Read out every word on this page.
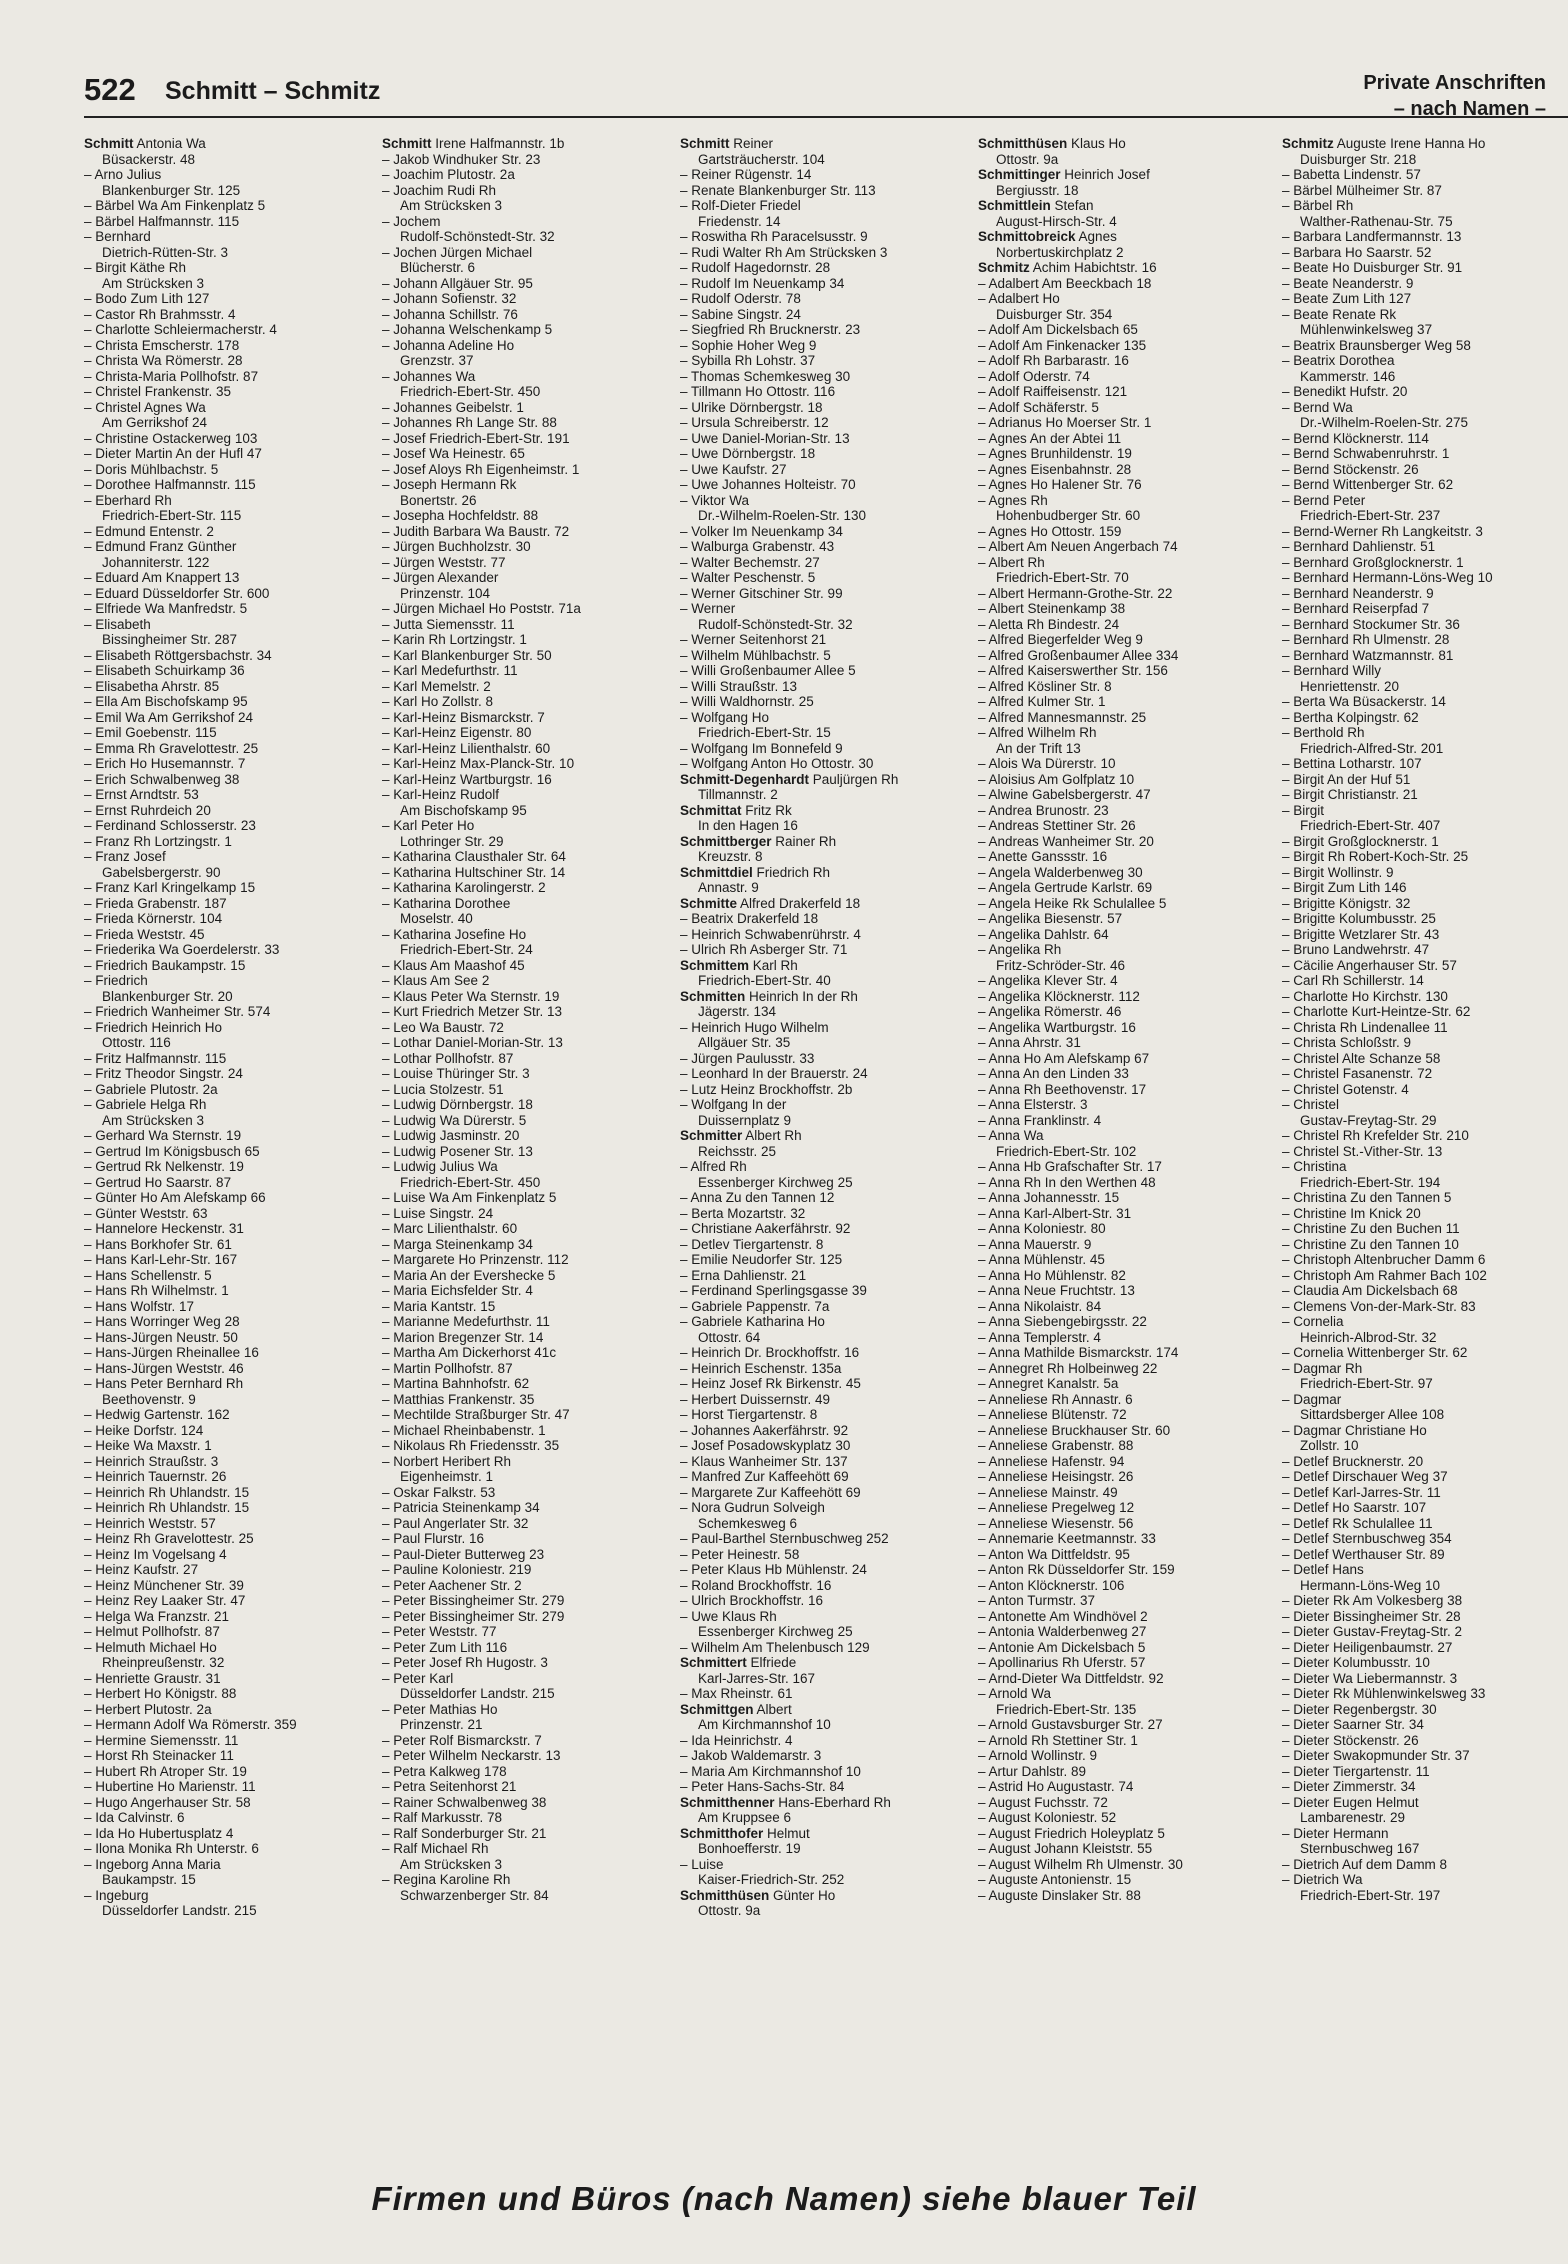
522 Schmitt – Schmitz	Private Anschriften
– nach Namen –
Schmitt Antonia Wa
Büsackerstr. 48
– Arno Julius
Blankenburger Str. 125
– Bärbel Wa Am Finkenplatz 5
– Bärbel Halfmannstr. 115
– Bernhard
Dietrich-Rütten-Str. 3
– Birgit Käthe Rh
Am Strücksken 3
– Bodo Zum Lith 127
– Castor Rh Brahmsstr. 4
– Charlotte Schleiermacherstr. 4
– Christa Emscherstr. 178
– Christa Wa Römerstr. 28
– Christa-Maria Pollhofstr. 87
– Christel Frankenstr. 35
– Christel Agnes Wa
Am Gerrikshof 24
– Christine Ostackerweg 103
– Dieter Martin An der Hufl 47
– Doris Mühlbachstr. 5
– Dorothee Halfmannstr. 115
– Eberhard Rh
Friedrich-Ebert-Str. 115
– Edmund Entenstr. 2
– Edmund Franz Günther
Johanniterstr. 122
– Eduard Am Knappert 13
– Eduard Düsseldorfer Str. 600
– Elfriede Wa Manfredstr. 5
– Elisabeth
Bissingheimer Str. 287
– Elisabeth Röttgersbachstr. 34
– Elisabeth Schuirkamp 36
– Elisabetha Ahrstr. 85
– Ella Am Bischofskamp 95
– Emil Wa Am Gerrikshof 24
– Emil Goebenstr. 115
– Emma Rh Gravelottestr. 25
– Erich Ho Husemannstr. 7
– Erich Schwalbenweg 38
– Ernst Arndtstr. 53
– Ernst Ruhrdeich 20
– Ferdinand Schlosserstr. 23
– Franz Rh Lortzingstr. 1
– Franz Josef
Gabelsbergerstr. 90
– Franz Karl Kringelkamp 15
– Frieda Grabenstr. 187
– Frieda Körnerstr. 104
– Frieda Weststr. 45
– Friederika Wa Goerdelerstr. 33
– Friedrich Baukampstr. 15
– Friedrich
Blankenburger Str. 20
– Friedrich Wanheimer Str. 574
– Friedrich Heinrich Ho
Ottostr. 116
– Fritz Halfmannstr. 115
– Fritz Theodor Singstr. 24
– Gabriele Plutostr. 2a
– Gabriele Helga Rh
Am Strücksken 3
– Gerhard Wa Sternstr. 19
– Gertrud Im Königsbusch 65
– Gertrud Rk Nelkenstr. 19
– Gertrud Ho Saarstr. 87
– Günter Ho Am Alefskamp 66
– Günter Weststr. 63
– Hannelore Heckenstr. 31
– Hans Borkhofer Str. 61
– Hans Karl-Lehr-Str. 167
– Hans Schellenstr. 5
– Hans Rh Wilhelmstr. 1
– Hans Wolfstr. 17
– Hans Worringer Weg 28
– Hans-Jürgen Neustr. 50
– Hans-Jürgen Rheinallee 16
– Hans-Jürgen Weststr. 46
– Hans Peter Bernhard Rh
Beethovenstr. 9
– Hedwig Gartenstr. 162
– Heike Dorfstr. 124
– Heike Wa Maxstr. 1
– Heinrich Straußstr. 3
– Heinrich Tauernstr. 26
– Heinrich Rh Uhlandstr. 15
– Heinrich Rh Uhlandstr. 15
– Heinrich Weststr. 57
– Heinz Rh Gravelottestr. 25
– Heinz Im Vogelsang 4
– Heinz Kaufstr. 27
– Heinz Münchener Str. 39
– Heinz Rey Laaker Str. 47
– Helga Wa Franzstr. 21
– Helmut Pollhofstr. 87
– Helmuth Michael Ho
Rheinpreußenstr. 32
– Henriette Graustr. 31
– Herbert Ho Königstr. 88
– Herbert Plutostr. 2a
– Hermann Adolf Wa Römerstr. 359
– Hermine Siemensstr. 11
– Horst Rh Steinacker 11
– Hubert Rh Atroper Str. 19
– Hubertine Ho Marienstr. 11
– Hugo Angerhauser Str. 58
– Ida Calvinstr. 6
– Ida Ho Hubertusplatz 4
– Ilona Monika Rh Unterstr. 6
– Ingeborg Anna Maria
Baukampstr. 15
– Ingeburg
Düsseldorfer Landstr. 215
Schmitt Irene Halfmannstr. 1b
– Jakob Windhuker Str. 23
– Joachim Plutostr. 2a
– Joachim Rudi Rh
Am Strücksken 3
– Jochem
Rudolf-Schönstedt-Str. 32
– Jochen Jürgen Michael
Blücherstr. 6
– Johann Allgäuer Str. 95
– Johann Sofienstr. 32
– Johanna Schillstr. 76
– Johanna Welschenkamp 5
– Johanna Adeline Ho
Grenzstr. 37
– Johannes Wa
Friedrich-Ebert-Str. 450
– Johannes Geibelstr. 1
– Johannes Rh Lange Str. 88
– Josef Friedrich-Ebert-Str. 191
– Josef Wa Heinestr. 65
– Josef Aloys Rh Eigenheimstr. 1
– Joseph Hermann Rk
Bonertstr. 26
– Josepha Hochfeldstr. 88
– Judith Barbara Wa Baustr. 72
– Jürgen Buchholzstr. 30
– Jürgen Weststr. 77
– Jürgen Alexander
Prinzenstr. 104
– Jürgen Michael Ho Poststr. 71a
– Jutta Siemensstr. 11
– Karin Rh Lortzingstr. 1
– Karl Blankenburger Str. 50
– Karl Medefurthstr. 11
– Karl Memelstr. 2
– Karl Ho Zollstr. 8
– Karl-Heinz Bismarckstr. 7
– Karl-Heinz Eigenstr. 80
– Karl-Heinz Lilienthalstr. 60
– Karl-Heinz Max-Planck-Str. 10
– Karl-Heinz Wartburgstr. 16
– Karl-Heinz Rudolf
Am Bischofskamp 95
– Karl Peter Ho
Lothringer Str. 29
– Katharina Clausthaler Str. 64
– Katharina Hultschiner Str. 14
– Katharina Karolingerstr. 2
– Katharina Dorothee
Moselstr. 40
– Katharina Josefine Ho
Friedrich-Ebert-Str. 24
– Klaus Am Maashof 45
– Klaus Am See 2
– Klaus Peter Wa Sternstr. 19
– Kurt Friedrich Metzer Str. 13
– Leo Wa Baustr. 72
– Lothar Daniel-Morian-Str. 13
– Lothar Pollhofstr. 87
– Louise Thüringer Str. 3
– Lucia Stolzestr. 51
– Ludwig Dörnbergstr. 18
– Ludwig Wa Dürerstr. 5
– Ludwig Jasminstr. 20
– Ludwig Posener Str. 13
– Ludwig Julius Wa
Friedrich-Ebert-Str. 450
– Luise Wa Am Finkenplatz 5
– Luise Singstr. 24
– Marc Lilienthalstr. 60
– Marga Steinenkamp 34
– Margarete Ho Prinzenstr. 112
– Maria An der Evershecke 5
– Maria Eichsfelder Str. 4
– Maria Kantstr. 15
– Marianne Medefurthstr. 11
– Marion Bregenzer Str. 14
– Martha Am Dickerhorst 41c
– Martin Pollhofstr. 87
– Martina Bahnhofstr. 62
– Matthias Frankenstr. 35
– Mechtilde Straßburger Str. 47
– Michael Rheinbabenstr. 1
– Nikolaus Rh Friedensstr. 35
– Norbert Heribert Rh
Eigenheimstr. 1
– Oskar Falkstr. 53
– Patricia Steinenkamp 34
– Paul Angerlater Str. 32
– Paul Flurstr. 16
– Paul-Dieter Butterweg 23
– Pauline Koloniestr. 219
– Peter Aachener Str. 2
– Peter Bissingheimer Str. 279
– Peter Bissingheimer Str. 279
– Peter Weststr. 77
– Peter Zum Lith 116
– Peter Josef Rh Hugostr. 3
– Peter Karl
Düsseldorfer Landstr. 215
– Peter Mathias Ho
Prinzenstr. 21
– Peter Rolf Bismarckstr. 7
– Peter Wilhelm Neckarstr. 13
– Petra Kalkweg 178
– Petra Seitenhorst 21
– Rainer Schwalbenweg 38
– Ralf Markusstr. 78
– Ralf Sonderburger Str. 21
– Ralf Michael Rh
Am Strücksken 3
– Regina Karoline Rh
Schwarzenberger Str. 84
Schmitt Reiner
Gartsträucherstr. 104
– Reiner Rügenstr. 14
– Renate Blankenburger Str. 113
– Rolf-Dieter Friedel
Friedenstr. 14
– Roswitha Rh Paracelsusstr. 9
– Rudi Walter Rh Am Strücksken 3
– Rudolf Hagedornstr. 28
– Rudolf Im Neuenkamp 34
– Rudolf Oderstr. 78
– Sabine Singstr. 24
– Siegfried Rh Brucknerstr. 23
– Sophie Hoher Weg 9
– Sybilla Rh Lohstr. 37
– Thomas Schemkesweg 30
– Tillmann Ho Ottostr. 116
– Ulrike Dörnbergstr. 18
– Ursula Schreiberstr. 12
– Uwe Daniel-Morian-Str. 13
– Uwe Dörnbergstr. 18
– Uwe Kaufstr. 27
– Uwe Johannes Holteistr. 70
– Viktor Wa
Dr.-Wilhelm-Roelen-Str. 130
– Volker Im Neuenkamp 34
– Walburga Grabenstr. 43
– Walter Bechemstr. 27
– Walter Peschenstr. 5
– Werner Gitschiner Str. 99
– Werner
Rudolf-Schönstedt-Str. 32
– Werner Seitenhorst 21
– Wilhelm Mühlbachstr. 5
– Willi Großenbaumer Allee 5
– Willi Straußstr. 13
– Willi Waldhornstr. 25
– Wolfgang Ho
Friedrich-Ebert-Str. 15
– Wolfgang Im Bonnefeld 9
– Wolfgang Anton Ho Ottostr. 30
Schmitt-Degenhardt Pauljürgen Rh
Tillmannstr. 2
Schmittat Fritz Rk
In den Hagen 16
Schmittberger Rainer Rh
Kreuzstr. 8
Schmittdiel Friedrich Rh
Annastr. 9
Schmitte Alfred Drakerfeld 18
– Beatrix Drakerfeld 18
– Heinrich Schwabenrührstr. 4
– Ulrich Rh Asberger Str. 71
Schmittem Karl Rh
Friedrich-Ebert-Str. 40
Schmitten Heinrich In der Rh
Jägerstr. 134
– Heinrich Hugo Wilhelm
Allgäuer Str. 35
– Jürgen Paulusstr. 33
– Leonhard In der Brauerstr. 24
– Lutz Heinz Brockhoffstr. 2b
– Wolfgang In der
Duissernplatz 9
Schmitter Albert Rh
Reichsstr. 25
– Alfred Rh
Essenberger Kirchweg 25
– Anna Zu den Tannen 12
– Berta Mozartstr. 32
– Christiane Aakerfährstr. 92
– Detlev Tiergartenstr. 8
– Emilie Neudorfer Str. 125
– Erna Dahlienstr. 21
– Ferdinand Sperlingsgasse 39
– Gabriele Pappenstr. 7a
– Gabriele Katharina Ho
Ottostr. 64
– Heinrich Dr. Brockhoffstr. 16
– Heinrich Eschenstr. 135a
– Heinz Josef Rk Birkenstr. 45
– Herbert Duissernstr. 49
– Horst Tiergartenstr. 8
– Johannes Aakerfährstr. 92
– Josef Posadowskyplatz 30
– Klaus Wanheimer Str. 137
– Manfred Zur Kaffeehött 69
– Margarete Zur Kaffeehött 69
– Nora Gudrun Solveigh
Schemkesweg 6
– Paul-Barthel Sternbuschweg 252
– Peter Heinestr. 58
– Peter Klaus Hb Mühlenstr. 24
– Roland Brockhoffstr. 16
– Ulrich Brockhoffstr. 16
– Uwe Klaus Rh
Essenberger Kirchweg 25
– Wilhelm Am Thelenbusch 129
Schmittert Elfriede
Karl-Jarres-Str. 167
– Max Rheinstr. 61
Schmittgen Albert
Am Kirchmannshof 10
– Ida Heinrichstr. 4
– Jakob Waldemarstr. 3
– Maria Am Kirchmannshof 10
– Peter Hans-Sachs-Str. 84
Schmitthenner Hans-Eberhard Rh
Am Kruppsee 6
Schmitthofer Helmut
Bonhoefferstr. 19
– Luise
Kaiser-Friedrich-Str. 252
Schmitthüsen Günter Ho
Ottostr. 9a
Schmitthüsen Klaus Ho
Ottostr. 9a
Schmittinger Heinrich Josef
Bergiusstr. 18
Schmittlein Stefan
August-Hirsch-Str. 4
Schmittobreick Agnes
Norbertuskirchplatz 2
Schmitz Achim Habichtstr. 16
– Adalbert Am Beeckbach 18
– Adalbert Ho
Duisburger Str. 354
– Adolf Am Dickelsbach 65
– Adolf Am Finkenacker 135
– Adolf Rh Barbarastr. 16
– Adolf Oderstr. 74
– Adolf Raiffeisenstr. 121
– Adolf Schäferstr. 5
– Adrianus Ho Moerser Str. 1
– Agnes An der Abtei 11
– Agnes Brunhildenstr. 19
– Agnes Eisenbahnstr. 28
– Agnes Ho Halener Str. 76
– Agnes Rh
Hohenbudberger Str. 60
– Agnes Ho Ottostr. 159
– Albert Am Neuen Angerbach 74
– Albert Rh
Friedrich-Ebert-Str. 70
– Albert Hermann-Grothe-Str. 22
– Albert Steinenkamp 38
– Aletta Rh Bindestr. 24
– Alfred Biegerfelder Weg 9
– Alfred Großenbaumer Allee 334
– Alfred Kaiserswerther Str. 156
– Alfred Kösliner Str. 8
– Alfred Kulmer Str. 1
– Alfred Mannesmannstr. 25
– Alfred Wilhelm Rh
An der Trift 13
– Alois Wa Dürerstr. 10
– Aloisius Am Golfplatz 10
– Alwine Gabelsbergerstr. 47
– Andrea Brunostr. 23
– Andreas Stettiner Str. 26
– Andreas Wanheimer Str. 20
– Anette Ganssstr. 16
– Angela Walderbenweg 30
– Angela Gertrude Karlstr. 69
– Angela Heike Rk Schulallee 5
– Angelika Biesenstr. 57
– Angelika Dahlstr. 64
– Angelika Rh
Fritz-Schröder-Str. 46
– Angelika Klever Str. 4
– Angelika Klöcknerstr. 112
– Angelika Römerstr. 46
– Angelika Wartburgstr. 16
– Anna Ahrstr. 31
– Anna Ho Am Alefskamp 67
– Anna An den Linden 33
– Anna Rh Beethovenstr. 17
– Anna Elsterstr. 3
– Anna Franklinstr. 4
– Anna Wa
Friedrich-Ebert-Str. 102
– Anna Hb Grafschafter Str. 17
– Anna Rh In den Werthen 48
– Anna Johannesstr. 15
– Anna Karl-Albert-Str. 31
– Anna Koloniestr. 80
– Anna Mauerstr. 9
– Anna Mühlenstr. 45
– Anna Ho Mühlenstr. 82
– Anna Neue Fruchtstr. 13
– Anna Nikolaistr. 84
– Anna Siebengebirgsstr. 22
– Anna Templerstr. 4
– Anna Mathilde Bismarckstr. 174
– Annegret Rh Holbeinweg 22
– Annegret Kanalstr. 5a
– Anneliese Rh Annastr. 6
– Anneliese Blütenstr. 72
– Anneliese Bruckhauser Str. 60
– Anneliese Grabenstr. 88
– Anneliese Hafenstr. 94
– Anneliese Heisingstr. 26
– Anneliese Mainstr. 49
– Anneliese Pregelweg 12
– Anneliese Wiesenstr. 56
– Annemarie Keetmannstr. 33
– Anton Wa Dittfeldstr. 95
– Anton Rk Düsseldorfer Str. 159
– Anton Klöcknerstr. 106
– Anton Turmstr. 37
– Antonette Am Windhövel 2
– Antonia Walderbenweg 27
– Antonie Am Dickelsbach 5
– Apollinarius Rh Uferstr. 57
– Arnd-Dieter Wa Dittfeldstr. 92
– Arnold Wa
Friedrich-Ebert-Str. 135
– Arnold Gustavsburger Str. 27
– Arnold Rh Stettiner Str. 1
– Arnold Wollinstr. 9
– Artur Dahlstr. 89
– Astrid Ho Augustastr. 74
– August Fuchsstr. 72
– August Koloniestr. 52
– August Friedrich Holeyplatz 5
– August Johann Kleiststr. 55
– August Wilhelm Rh Ulmenstr. 30
– Auguste Antonienstr. 15
– Auguste Dinslaker Str. 88
Schmitz Auguste Irene Hanna Ho
Duisburger Str. 218
– Babetta Lindenstr. 57
– Bärbel Mülheimer Str. 87
– Bärbel Rh
Walther-Rathenau-Str. 75
– Barbara Landfermannstr. 13
– Barbara Ho Saarstr. 52
– Beate Ho Duisburger Str. 91
– Beate Neanderstr. 9
– Beate Zum Lith 127
– Beate Renate Rk
Mühlenwinkelsweg 37
– Beatrix Braunsberger Weg 58
– Beatrix Dorothea
Kammerstr. 146
– Benedikt Hufstr. 20
– Bernd Wa
Dr.-Wilhelm-Roelen-Str. 275
– Bernd Klöcknerstr. 114
– Bernd Schwabenruhrstr. 1
– Bernd Stöckenstr. 26
– Bernd Wittenberger Str. 62
– Bernd Peter
Friedrich-Ebert-Str. 237
– Bernd-Werner Rh Langkeitstr. 3
– Bernhard Dahlienstr. 51
– Bernhard Großglocknerstr. 1
– Bernhard Hermann-Löns-Weg 10
– Bernhard Neanderstr. 9
– Bernhard Reiserpfad 7
– Bernhard Stockumer Str. 36
– Bernhard Rh Ulmenstr. 28
– Bernhard Watzmannstr. 81
– Bernhard Willy
Henriettenstr. 20
– Berta Wa Büsackerstr. 14
– Bertha Kolpingstr. 62
– Berthold Rh
Friedrich-Alfred-Str. 201
– Bettina Lotharstr. 107
– Birgit An der Huf 51
– Birgit Christianstr. 21
– Birgit
Friedrich-Ebert-Str. 407
– Birgit Großglocknerstr. 1
– Birgit Rh Robert-Koch-Str. 25
– Birgit Wollinstr. 9
– Birgit Zum Lith 146
– Brigitte Königstr. 32
– Brigitte Kolumbusstr. 25
– Brigitte Wetzlarer Str. 43
– Bruno Landwehrstr. 47
– Cäcilie Angerhauser Str. 57
– Carl Rh Schillerstr. 14
– Charlotte Ho Kirchstr. 130
– Charlotte Kurt-Heintze-Str. 62
– Christa Rh Lindenallee 11
– Christa Schloßstr. 9
– Christel Alte Schanze 58
– Christel Fasanenstr. 72
– Christel Gotenstr. 4
– Christel
Gustav-Freytag-Str. 29
– Christel Rh Krefelder Str. 210
– Christel St.-Vither-Str. 13
– Christina
Friedrich-Ebert-Str. 194
– Christina Zu den Tannen 5
– Christine Im Knick 20
– Christine Zu den Buchen 11
– Christine Zu den Tannen 10
– Christoph Altenbrucher Damm 6
– Christoph Am Rahmer Bach 102
– Claudia Am Dickelsbach 68
– Clemens Von-der-Mark-Str. 83
– Cornelia
Heinrich-Albrod-Str. 32
– Cornelia Wittenberger Str. 62
– Dagmar Rh
Friedrich-Ebert-Str. 97
– Dagmar
Sittardsberger Allee 108
– Dagmar Christiane Ho
Zollstr. 10
– Detlef Brucknerstr. 20
– Detlef Dirschauer Weg 37
– Detlef Karl-Jarres-Str. 11
– Detlef Ho Saarstr. 107
– Detlef Rk Schulallee 11
– Detlef Sternbuschweg 354
– Detlef Werthauser Str. 89
– Detlef Hans
Hermann-Löns-Weg 10
– Dieter Rk Am Volkesberg 38
– Dieter Bissingheimer Str. 28
– Dieter Gustav-Freytag-Str. 2
– Dieter Heiligenbaumstr. 27
– Dieter Kolumbusstr. 10
– Dieter Wa Liebermannstr. 3
– Dieter Rk Mühlenwinkelsweg 33
– Dieter Regenbergstr. 30
– Dieter Saarner Str. 34
– Dieter Stöckenstr. 26
– Dieter Swakopmunder Str. 37
– Dieter Tiergartenstr. 11
– Dieter Zimmerstr. 34
– Dieter Eugen Helmut
Lambarenestr. 29
– Dieter Hermann
Sternbuschweg 167
– Dietrich Auf dem Damm 8
– Dietrich Wa
Friedrich-Ebert-Str. 197
Firmen und Büros (nach Namen) siehe blauer Teil
